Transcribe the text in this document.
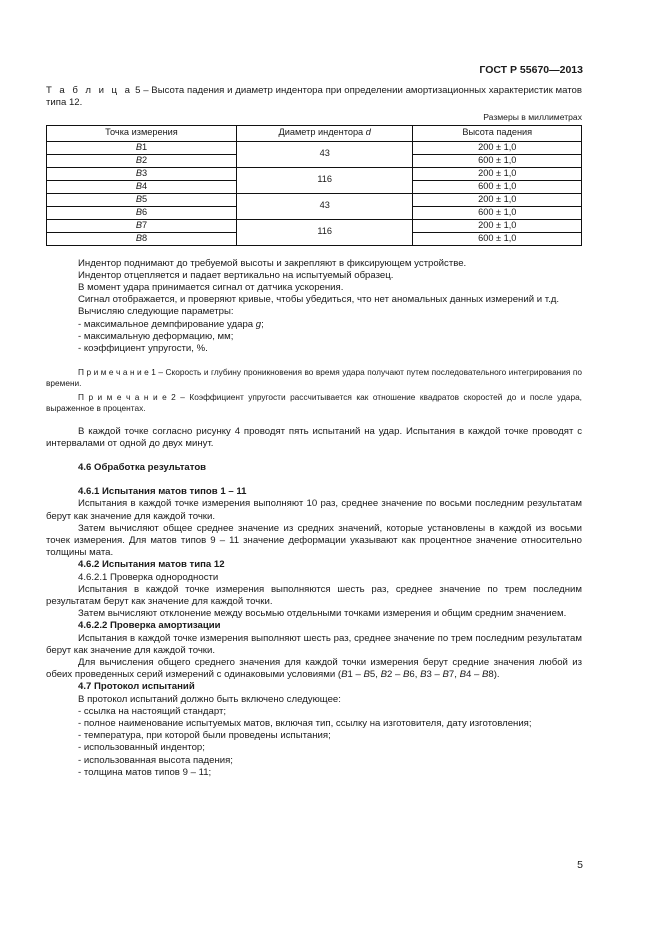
ГОСТ Р 55670—2013

Т а б л и ц а 5 – Высота падения и диаметр индентора при определении амортизационных характеристик матов типа 12.

Размеры в миллиметрах

Точка измерения	Диаметр индентора d	Высота падения
B1	43	200 ± 1,0
B2		600 ± 1,0
B3	116	200 ± 1,0
B4		600 ± 1,0
B5	43	200 ± 1,0
B6		600 ± 1,0
B7	116	200 ± 1,0
B8		600 ± 1,0

Индентор поднимают до требуемой высоты и закрепляют в фиксирующем устройстве.

Индентор отцепляется и падает вертикально на испытуемый образец.

В момент удара принимается сигнал от датчика ускорения.

Сигнал отображается, и проверяют кривые, чтобы убедиться, что нет аномальных данных измерений и т.д.

Вычисляю следующие параметры:

- максимальное демпфирование удара g;

- максимальную деформацию, мм;

- коэффициент упругости, %.

П р и м е ч а н и е 1 – Скорость и глубину проникновения во время удара получают путем последовательного интегрирования по времени.

П р и м е ч а н и е 2 – Коэффициент упругости рассчитывается как отношение квадратов скоростей до и после удара, выраженное в процентах.

В каждой точке согласно рисунку 4 проводят пять испытаний на удар. Испытания в каждой точке проводят с интервалами от одной до двух минут.

4.6 Обработка результатов

4.6.1 Испытания матов типов 1 – 11

Испытания в каждой точке измерения выполняют 10 раз, среднее значение по восьми последним результатам берут как значение для каждой точки.

Затем вычисляют общее среднее значение из средних значений, которые установлены в каждой из восьми точек измерения. Для матов типов 9 – 11 значение деформации указывают как процентное значение относительно толщины мата.

4.6.2 Испытания матов типа 12

4.6.2.1 Проверка однородности

Испытания в каждой точке измерения выполняются шесть раз, среднее значение по трем последним результатам берут как значение для каждой точки.

Затем вычисляют отклонение между восьмью отдельными точками измерения и общим средним значением.

4.6.2.2 Проверка амортизации

Испытания в каждой точке измерения выполняют шесть раз, среднее значение по трем последним результатам берут как значение для каждой точки.

Для вычисления общего среднего значения для каждой точки измерения берут средние значения любой из обеих проведенных серий измерений с одинаковыми условиями (B1 – B5, B2 – B6, B3 – B7, B4 – B8).

4.7 Протокол испытаний

В протокол испытаний должно быть включено следующее:

- ссылка на настоящий стандарт;

- полное наименование испытуемых матов, включая тип, ссылку на изготовителя, дату изготовления;

- температура, при которой были проведены испытания;

- использованный индентор;

- использованная высота падения;

- толщина матов типов 9 – 11;

5
